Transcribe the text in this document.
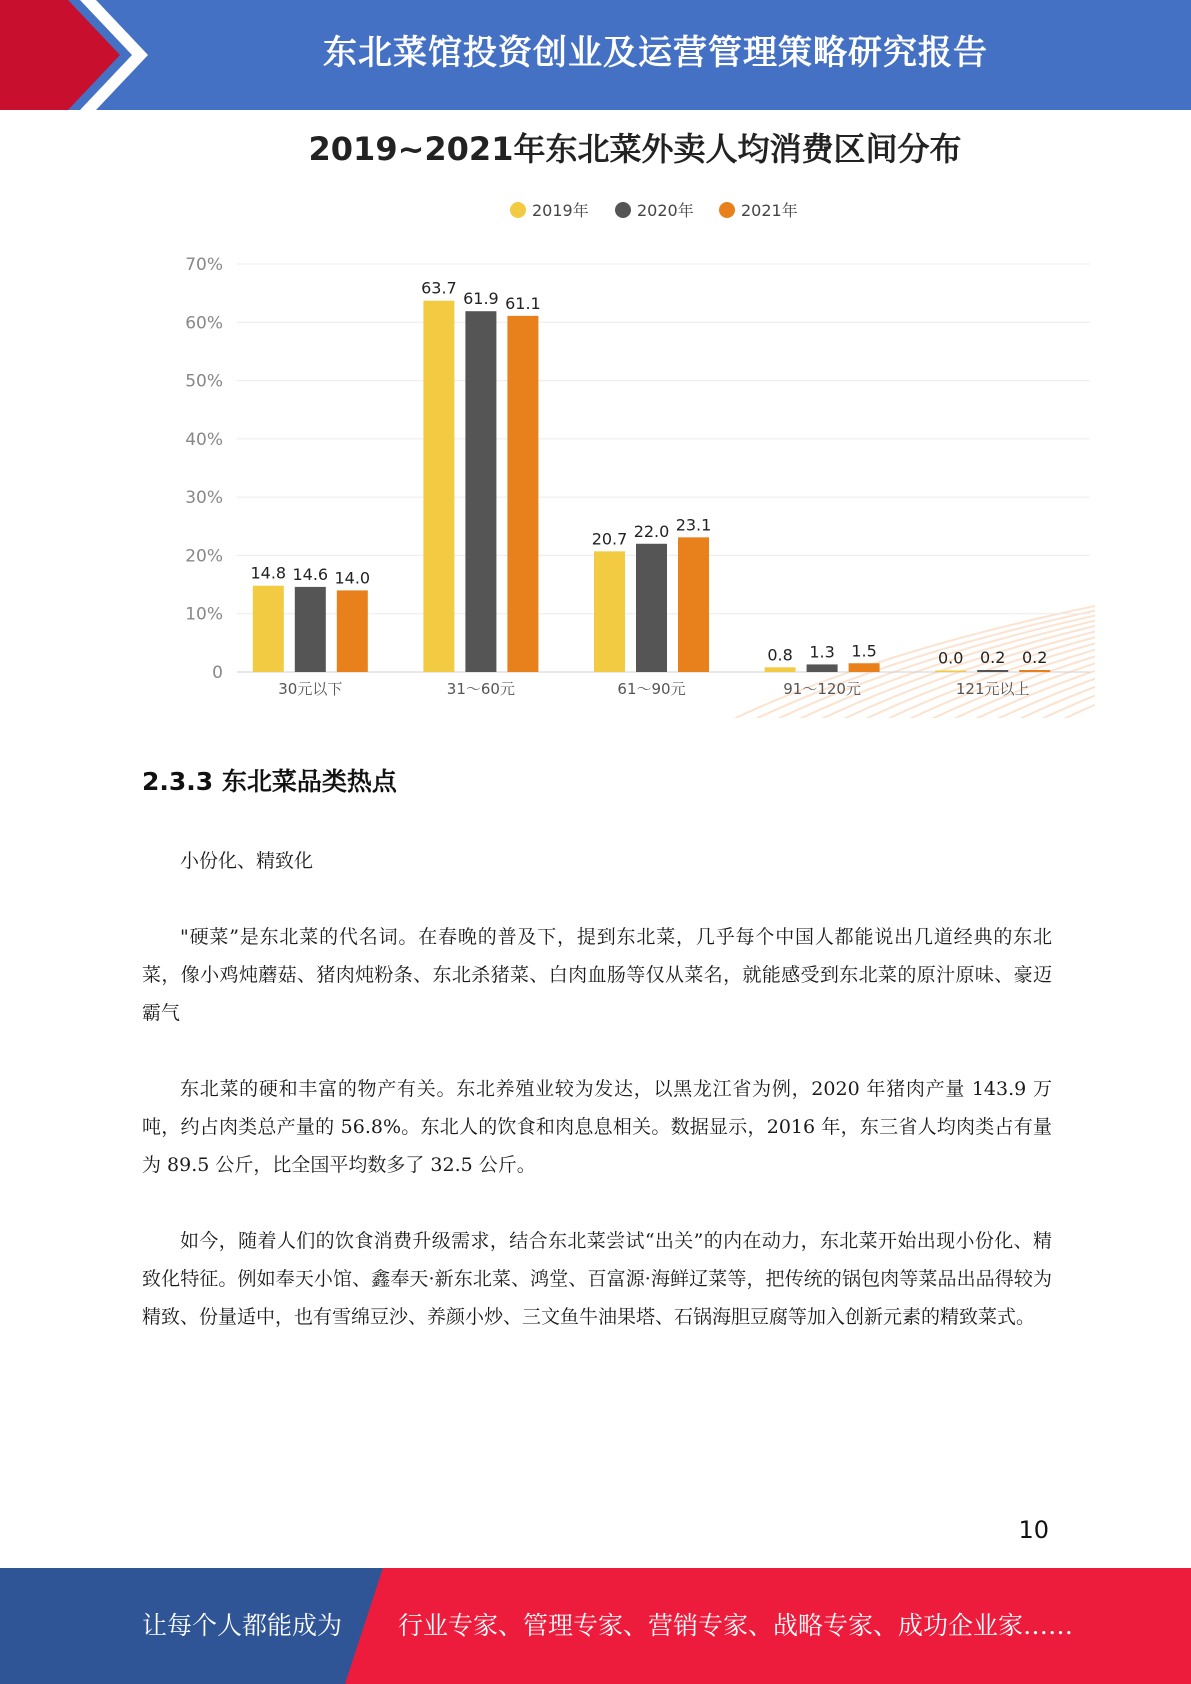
东北菜馆投资创业及运营管理策略研究报告
2019~2021年东北菜外卖人均消费区间分布
2019年	2020年	2021年
0
10%
20%
30%
40%
50%
60%
70%
14.8 14.6 14.0
63.7
61.9 61.1
20.7 22.0 23.1
0.8 1.3 1.5	0.0 0.2 0.2
30元以下	31～60元	61～90元	91～120元	121元以上
2.3.3 东北菜品类热点

小份化、精致化

"硬菜”是东北菜的代名词。在春晚的普及下，提到东北菜，几乎每个中国人都能说出几道经典的东北菜，像小鸡炖蘑菇、猪肉炖粉条、东北杀猪菜、白肉血肠等仅从菜名，就能感受到东北菜的原汁原味、豪迈霸气

东北菜的硬和丰富的物产有关。东北养殖业较为发达，以黑龙江省为例，2020 年猪肉产量 143.9 万吨，约占肉类总产量的 56.8%。东北人的饮食和肉息息相关。数据显示，2016 年，东三省人均肉类占有量为 89.5 公斤，比全国平均数多了 32.5 公斤。

如今，随着人们的饮食消费升级需求，结合东北菜尝试“出关”的内在动力，东北菜开始出现小份化、精致化特征。例如奉天小馆、鑫奉天·新东北菜、鸿堂、百富源·海鲜辽菜等，把传统的锅包肉等菜品出品得较为精致、份量适中，也有雪绵豆沙、养颜小炒、三文鱼牛油果塔、石锅海胆豆腐等加入创新元素的精致菜式。

10
让每个人都能成为 行业专家、管理专家、营销专家、战略专家、成功企业家……
